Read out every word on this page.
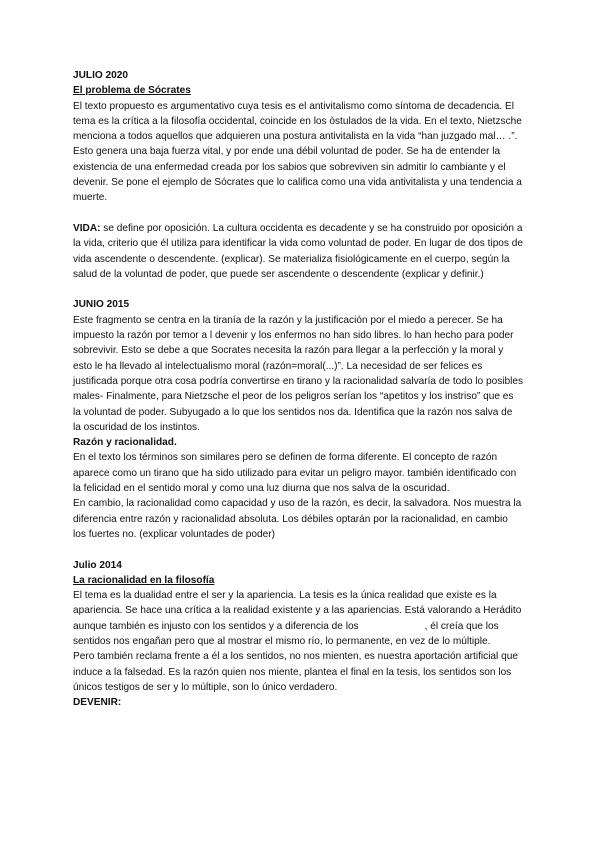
JULIO 2020

El problema de Sócrates

El texto propuesto es argumentativo cuya tesis es el antivitalismo como síntoma de decadencia. El tema es la crítica a la filosofía occidental, coincide en los òstulados de la vida. En el texto, Nietzsche menciona a todos aquellos que adquieren una postura antivitalista en la vida “han juzgado mal… .”. Esto genera una baja fuerza vital, y por ende una débil voluntad de poder. Se ha de entender la existencia de una enfermedad creada por los sabios que sobreviven sin admitir lo cambiante y el devenir. Se pone el ejemplo de Sócrates que lo califica como una vida antivitalista y una tendencia a muerte.

VIDA: se define por oposición. La cultura occidenta es decadente y se ha construido por oposición a la vida, criterio que él utiliza para identificar la vida como voluntad de poder. En lugar de dos tipos de vida ascendente o descendente. (explicar). Se materializa fisiológicamente en el cuerpo, según la salud de la voluntad de poder, que puede ser ascendente o descendente (explicar y definir.)

JUNIO 2015

Este fragmento se centra en la tiranía de la razón y la justificación por el miedo a perecer. Se ha impuesto la razón por temor a l devenir y los enfermos no han sido libres. lo han hecho para poder sobrevivir. Esto se debe a que Socrates necesita la razón para llegar a la perfección y la moral y esto le ha llevado al intelectualismo moral (razón=moral(...)”. La necesidad de ser felices es justificada porque otra cosa podría convertirse en tirano y la racionalidad salvaría de todo lo posibles males- Finalmente, para Nietzsche el peor de los peligros serían los “apetitos y los instriso” que es la voluntad de poder. Subyugado a lo que los sentidos nos da. Identifica que la razón nos salva de la oscuridad de los instintos.

Razón y racionalidad.

En el texto los términos son similares pero se definen de forma diferente. El concepto de razón aparece como un tirano que ha sido utilizado para evitar un peligro mayor. también identificado con la felicidad en el sentido moral y como una luz diurna que nos salva de la oscuridad.

En cambio, la racionalidad como capacidad y uso de la razón, es decir, la salvadora. Nos muestra la diferencia entre razón y racionalidad absoluta. Los débiles optarán por la racionalidad, en cambio los fuertes no. (explicar voluntades de poder)

Julio 2014

La racionalidad en la filosofía

El tema es la dualidad entre el ser y la apariencia. La tesis es la única realidad que existe es la apariencia. Se hace una crítica a la realidad existente y a las apariencias. Está valorando a Herádito aunque también es injusto con los sentidos y a diferencia de los	, él creía que los sentidos nos engañan pero que al mostrar el mismo río, lo permanente, en vez de lo múltiple.

Pero también reclama frente a él a los sentidos, no nos mienten, es nuestra aportación artificial que induce a la falsedad. Es la razón quien nos miente, plantea el final en la tesis, los sentidos son los únicos testigos de ser y lo múltiple, son lo único verdadero.

DEVENIR:
